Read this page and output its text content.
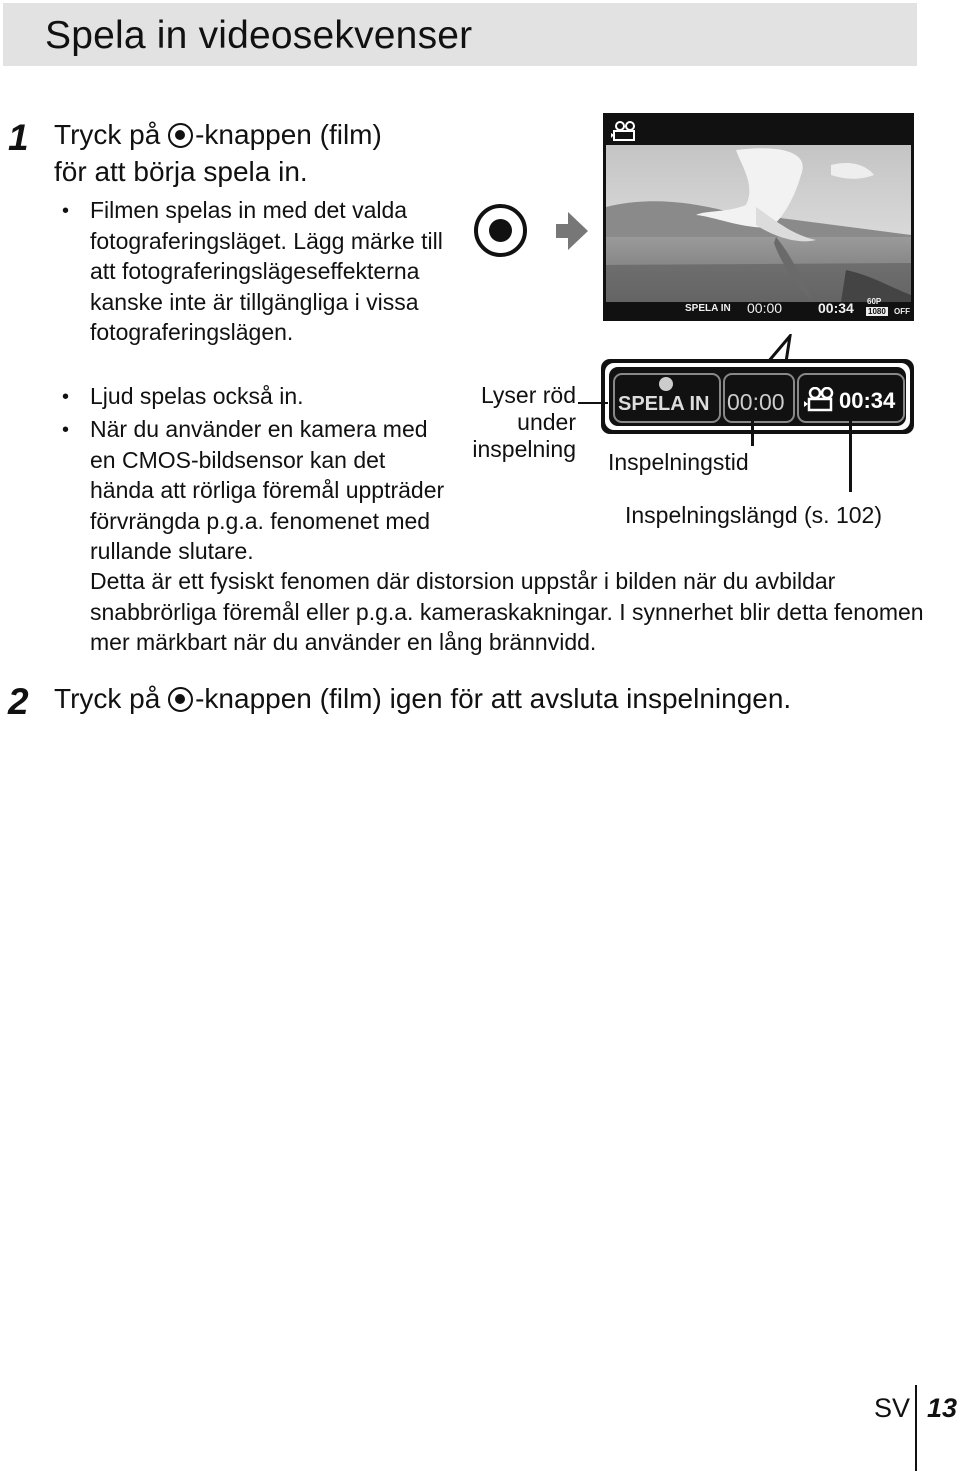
Spela in videosekvenser
1 Tryck på -knappen (film)
för att börja spela in.
• Filmen spelas in med det valda fotograferingsläget. Lägg märke till att fotograferingslägeseffekterna kanske inte är tillgängliga i vissa fotograferingslägen.
• Ljud spelas också in.
• När du använder en kamera med en CMOS-bildsensor kan det hända att rörliga föremål uppträder förvrängda p.g.a. fenomenet med rullande slutare.
Detta är ett fysiskt fenomen där distorsion uppstår i bilden när du avbildar snabbrörliga föremål eller p.g.a. kameraskakningar. I synnerhet blir detta fenomen mer märkbart när du använder en lång brännvidd.
2 Tryck på -knappen (film) igen för att avsluta inspelningen.
SPELA IN 00:00	00:34 60P
1080 OFF
SPELA IN 00:00 00:34
Lyser röd
under
inspelning Inspelningstid
Inspelningslängd (s. 102)
SV 13
